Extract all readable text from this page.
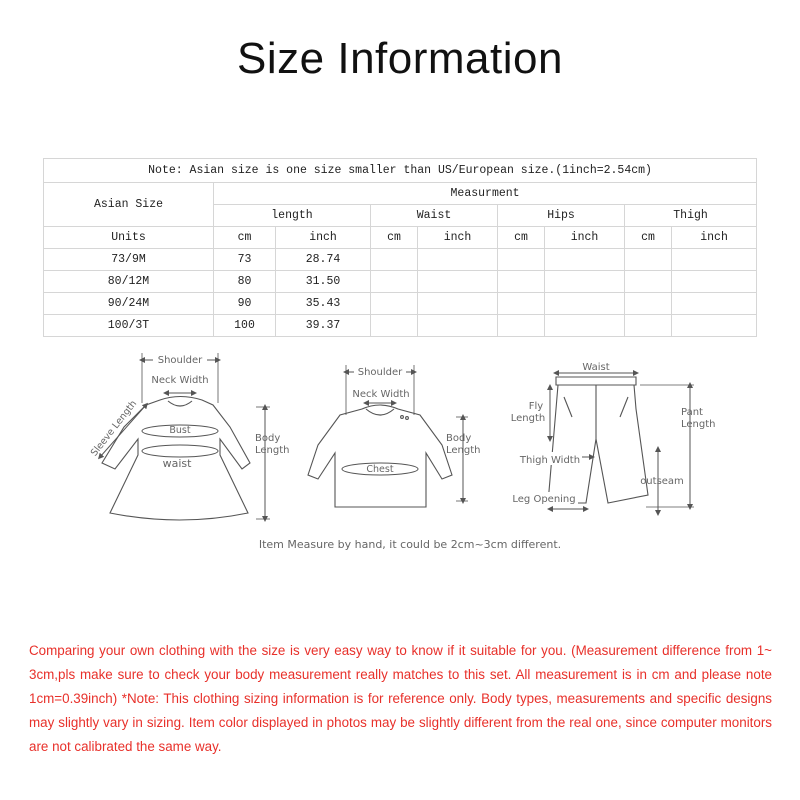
Size Information
Note: Asian size is one size smaller than US/European size.(1inch=2.54cm)								
Asian Size	Measurment							
	length		Waist		Hips		Thigh	
Units	cm	inch	cm	inch	cm	inch	cm	inch
73/9M	73	28.74						
80/12M	80	31.50						
90/24M	90	35.43						
100/3T	100	39.37						
Shoulder
Neck Width
Sleeve Length	Bust
waist
Body
Length
Shoulder
Neck Width
Chest
Body
Length
Waist
Fly
Length
Pant
Length
Thigh Width
outseam
Leg Opening
Item Measure by hand, it could be 2cm~3cm different.
Comparing your own clothing with the size is very easy way to know if it suitable for you. (Measurement difference from 1~ 3cm,pls make sure to check your body measurement really matches to this set. All measurement is in cm and please note 1cm=0.39inch) *Note: This clothing sizing information is for reference only. Body types, measurements and specific designs may slightly vary in sizing. Item color displayed in photos may be slightly different from the real one, since computer monitors are not calibrated the same way.
